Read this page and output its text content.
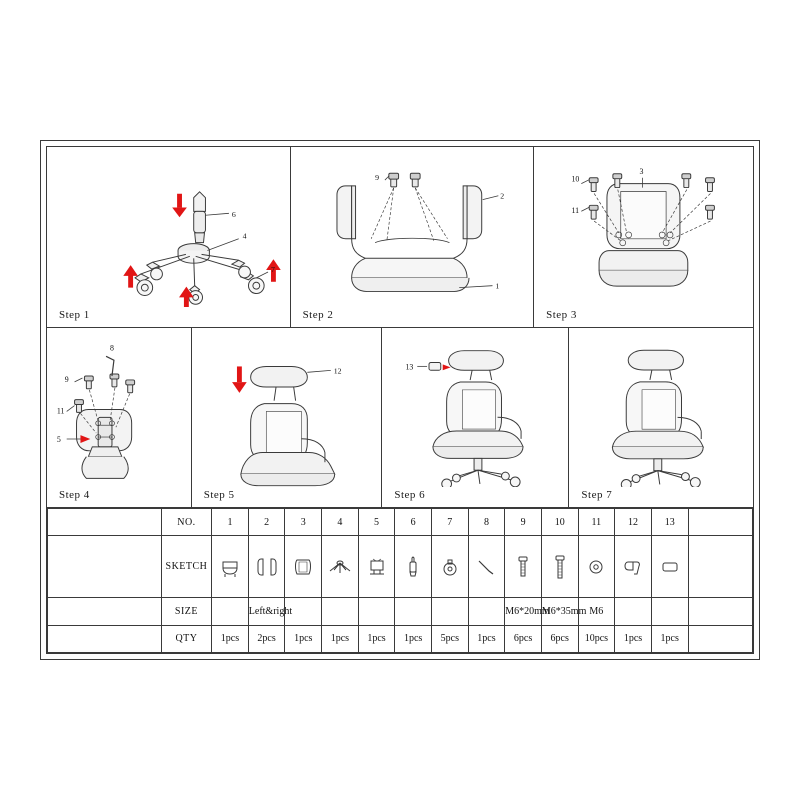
6
4
7
Step 1
9
2
1
Step 2
10
11
3
Step 3
8
9
11
5
Step 4
12
Step 5
13
Step 6	Step 7
	NO.	1	2	3	4	5	6	7	8	9	10	11	12	13	
	SKETCH	

	SIZE		Left&right							M6*20mm	M6*35mm	M6			
	QTY	1pcs	2pcs	1pcs	1pcs	1pcs	1pcs	5pcs	1pcs	6pcs	6pcs	10pcs	1pcs	1pcs	
